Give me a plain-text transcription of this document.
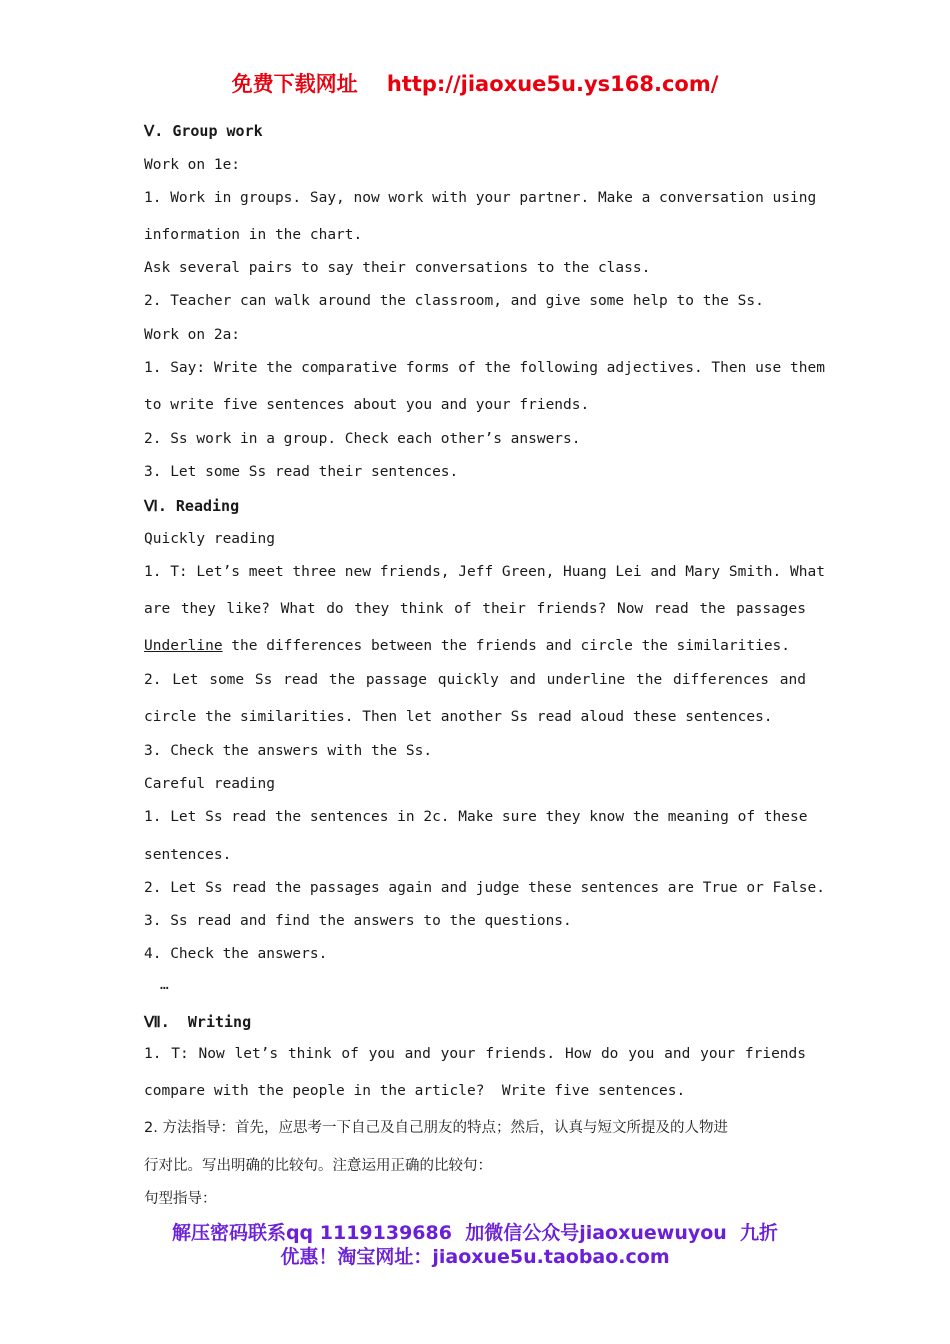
免费下载网址    http://jiaoxue5u.ys168.com/
Ⅴ. Group work
Work on 1e:
1. Work in groups. Say, now work with your partner. Make a conversation using
information in the chart.
Ask several pairs to say their conversations to the class.
2. Teacher can walk around the classroom, and give some help to the Ss.
Work on 2a:
1. Say: Write the comparative forms of the following adjectives. Then use them
to write five sentences about you and your friends.
2. Ss work in a group. Check each other’s answers.
3. Let some Ss read their sentences.
Ⅵ. Reading
Quickly reading
1. T: Let’s meet three new friends, Jeff Green, Huang Lei and Mary Smith. What
are they like? What do they think of their friends? Now read the passages
Underline the differences between the friends and circle the similarities.
2. Let some Ss read the passage quickly and underline the differences and
circle the similarities. Then let another Ss read aloud these sentences.
3. Check the answers with the Ss.
Careful reading
1. Let Ss read the sentences in 2c. Make sure they know the meaning of these
sentences.
2. Let Ss read the passages again and judge these sentences are True or False.
3. Ss read and find the answers to the questions.
4. Check the answers.
…
Ⅶ.  Writing
1. T: Now let’s think of you and your friends. How do you and your friends
compare with the people in the article?  Write five sentences.
2. 方法指导：首先，应思考一下自己及自己朋友的特点；然后，认真与短文所提及的人物进
行对比。写出明确的比较句。注意运用正确的比较句：
句型指导：
解压密码联系qq 1119139686  加微信公众号jiaoxuewuyou  九折
优惠！淘宝网址：jiaoxue5u.taobao.com
